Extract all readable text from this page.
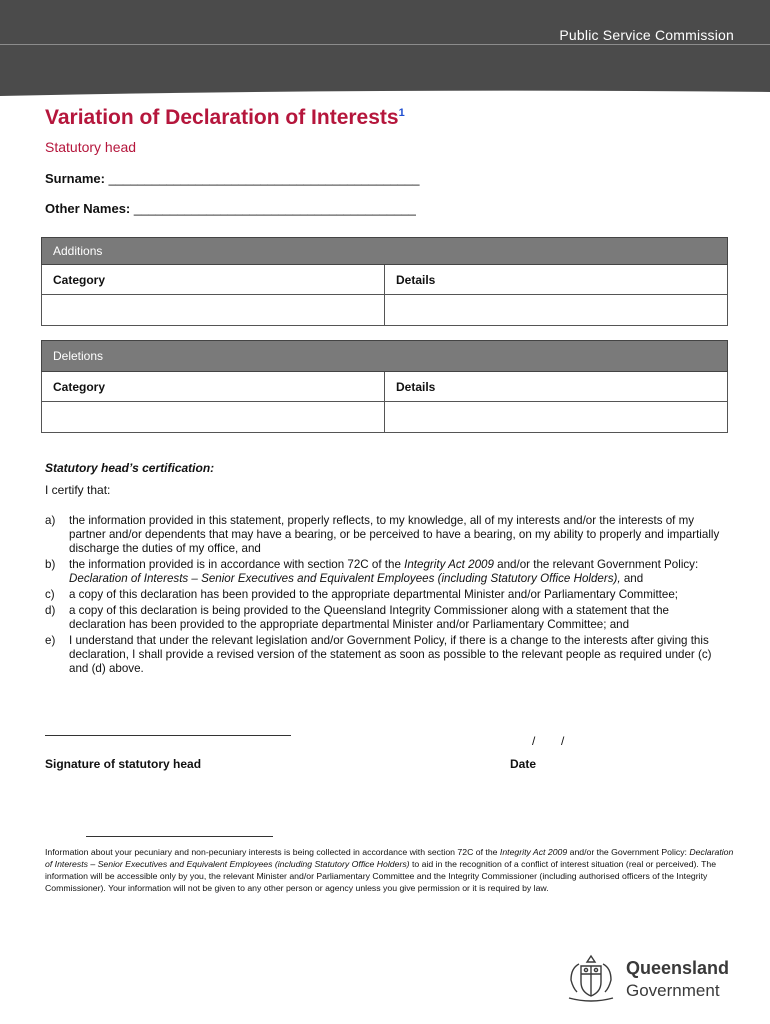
Public Service Commission
Variation of Declaration of Interests$^1$
Statutory head
Surname: ___________________________________________
Other Names: _______________________________________
Additions	
Category	Details

Deletions	
Category	Details

Statutory head’s certification:
I certify that:
a) the information provided in this statement, properly reflects, to my knowledge, all of my interests and/or the interests of my partner and/or dependents that may have a bearing, or be perceived to have a bearing, on my ability to properly and impartially discharge the duties of my office, and
b) the information provided is in accordance with section 72C of the Integrity Act 2009 and/or the relevant Government Policy: Declaration of Interests – Senior Executives and Equivalent Employees (including Statutory Office Holders), and
c) a copy of this declaration has been provided to the appropriate departmental Minister and/or Parliamentary Committee;
d) a copy of this declaration is being provided to the Queensland Integrity Commissioner along with a statement that the declaration has been provided to the appropriate departmental Minister and/or Parliamentary Committee; and
e) I understand that under the relevant legislation and/or Government Policy, if there is a change to the interests after giving this declaration, I shall provide a revised version of the statement as soon as possible to the relevant people as required under (c) and (d) above.
/ /
Signature of statutory head	Date
Information about your pecuniary and non-pecuniary interests is being collected in accordance with section 72C of the Integrity Act 2009 and/or the Government Policy: Declaration of Interests – Senior Executives and Equivalent Employees (including Statutory Office Holders) to aid in the recognition of a conflict of interest situation (real or perceived). The information will be accessible only by you, the relevant Minister and/or Parliamentary Committee and the Integrity Commissioner (including authorised officers of the Integrity Commissioner). Your information will not be given to any other person or agency unless you give permission or it is required by law.
Queensland
Government
